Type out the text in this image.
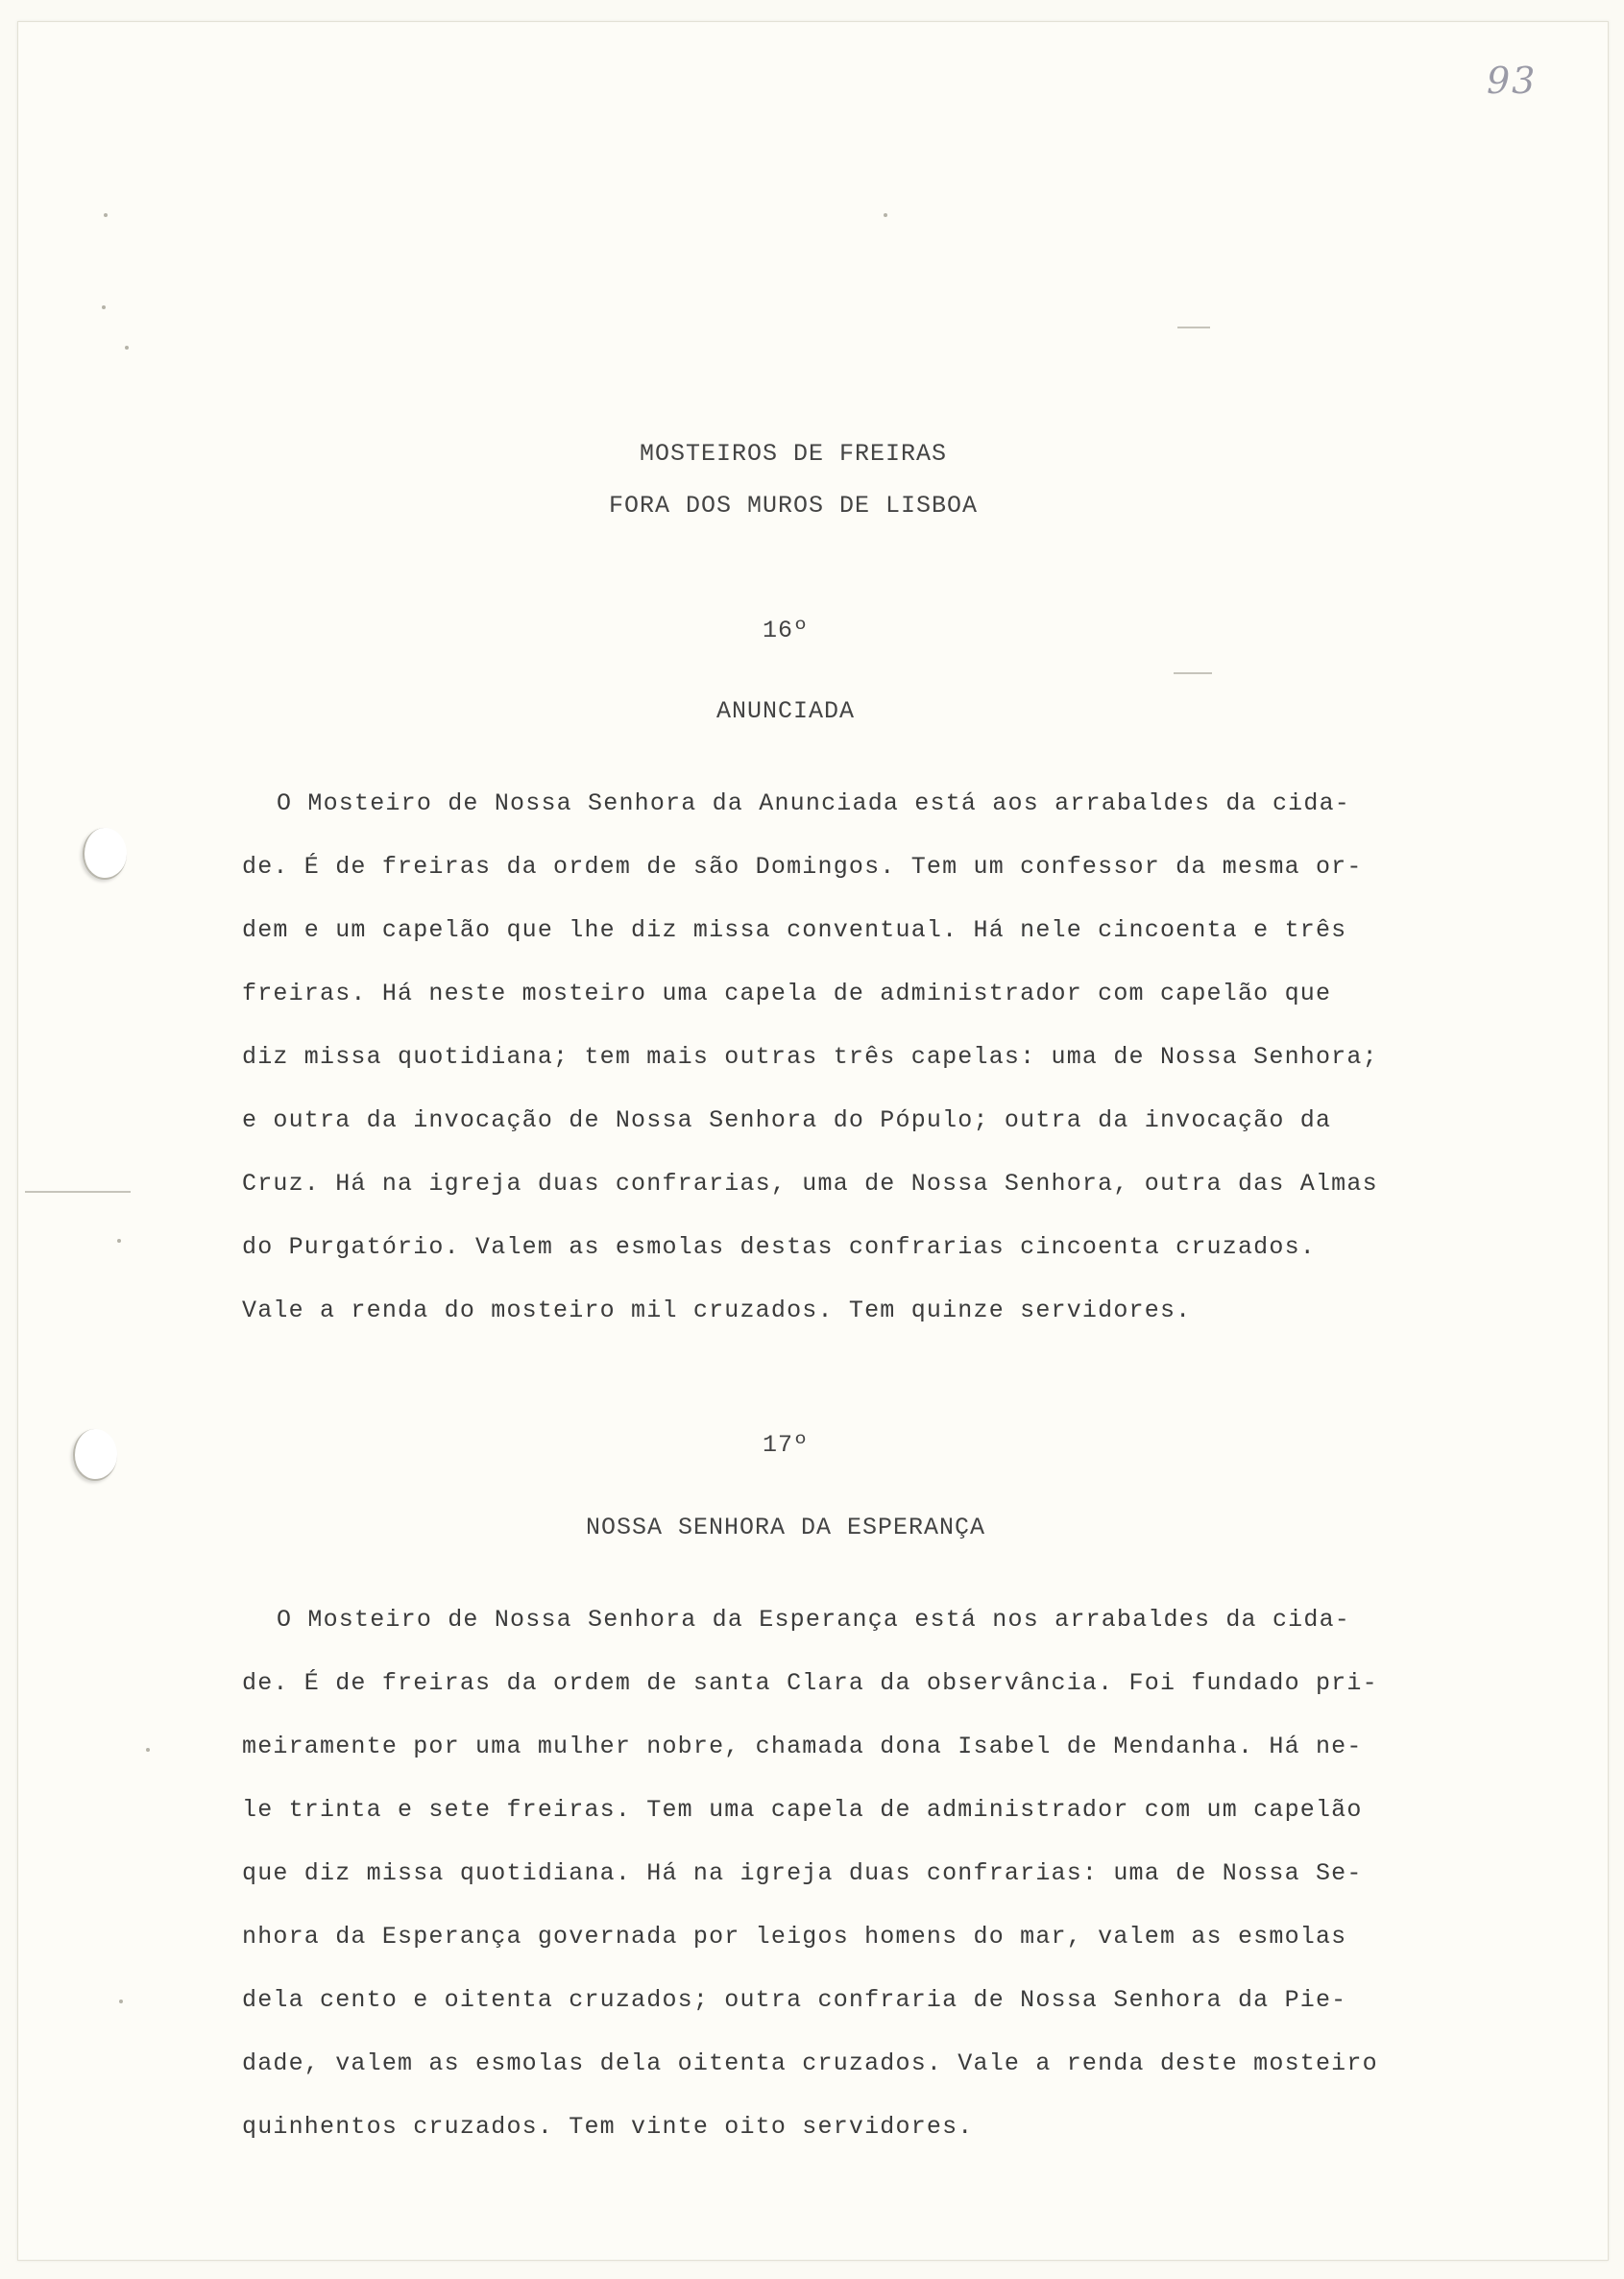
93
MOSTEIROS DE FREIRAS
FORA DOS MUROS DE LISBOA
16º
ANUNCIADA
O Mosteiro de Nossa Senhora da Anunciada está aos arrabaldes da cida-
de. É de freiras da ordem de são Domingos. Tem um confessor da mesma or-
dem e um capelão que lhe diz missa conventual. Há nele cincoenta e três
freiras. Há neste mosteiro uma capela de administrador com capelão que
diz missa quotidiana; tem mais outras três capelas: uma de Nossa Senhora;
e outra da invocação de Nossa Senhora do Pópulo; outra da invocação da
Cruz. Há na igreja duas confrarias, uma de Nossa Senhora, outra das Almas
do Purgatório. Valem as esmolas destas confrarias cincoenta cruzados.
Vale a renda do mosteiro mil cruzados. Tem quinze servidores.
17º
NOSSA SENHORA DA ESPERANÇA
O Mosteiro de Nossa Senhora da Esperança está nos arrabaldes da cida-
de. É de freiras da ordem de santa Clara da observância. Foi fundado pri-
meiramente por uma mulher nobre, chamada dona Isabel de Mendanha. Há ne-
le trinta e sete freiras. Tem uma capela de administrador com um capelão
que diz missa quotidiana. Há na igreja duas confrarias: uma de Nossa Se-
nhora da Esperança governada por leigos homens do mar, valem as esmolas
dela cento e oitenta cruzados; outra confraria de Nossa Senhora da Pie-
dade, valem as esmolas dela oitenta cruzados. Vale a renda deste mosteiro
quinhentos cruzados. Tem vinte oito servidores.
